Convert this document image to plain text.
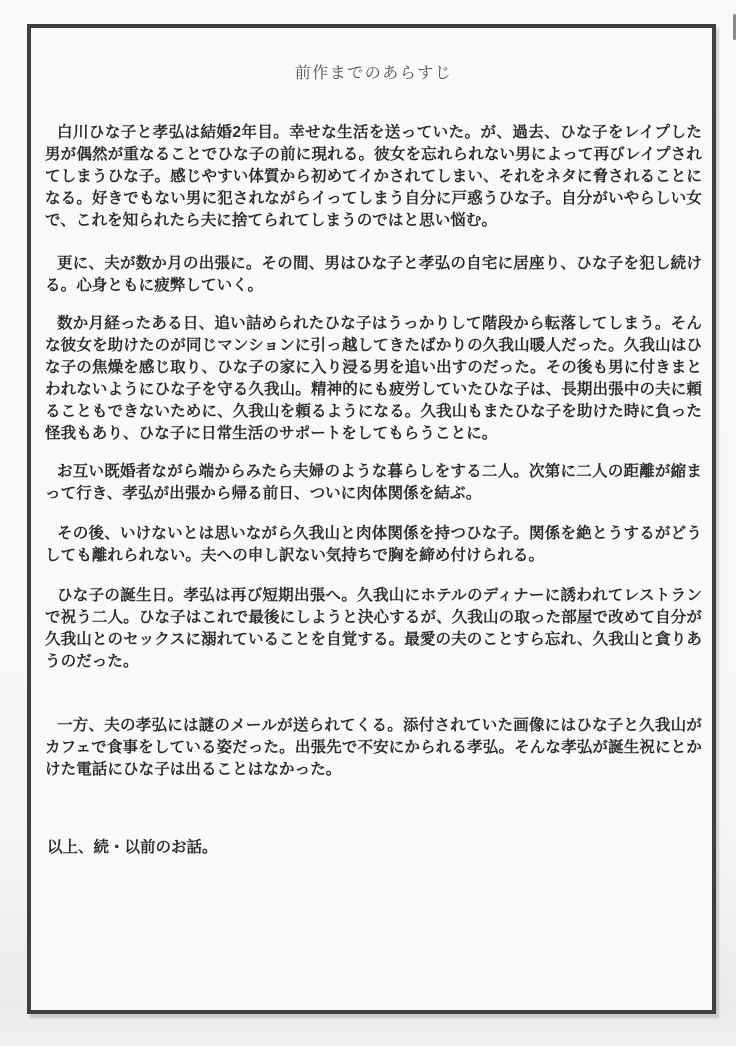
前作までのあらすじ

白川ひな子と孝弘は結婚2年目。幸せな生活を送っていた。が、過去、ひな子をレイプした男が偶然が重なることでひな子の前に現れる。彼女を忘れられない男によって再びレイプされてしまうひな子。感じやすい体質から初めてイかされてしまい、それをネタに脅されることになる。好きでもない男に犯されながらイってしまう自分に戸惑うひな子。自分がいやらしい女で、これを知られたら夫に捨てられてしまうのではと思い悩む。

更に、夫が数か月の出張に。その間、男はひな子と孝弘の自宅に居座り、ひな子を犯し続ける。心身ともに疲弊していく。

数か月経ったある日、追い詰められたひな子はうっかりして階段から転落してしまう。そんな彼女を助けたのが同じマンションに引っ越してきたばかりの久我山暖人だった。久我山はひな子の焦燥を感じ取り、ひな子の家に入り浸る男を追い出すのだった。その後も男に付きまとわれないようにひな子を守る久我山。精神的にも疲労していたひな子は、長期出張中の夫に頼ることもできないために、久我山を頼るようになる。久我山もまたひな子を助けた時に負った怪我もあり、ひな子に日常生活のサポートをしてもらうことに。

お互い既婚者ながら端からみたら夫婦のような暮らしをする二人。次第に二人の距離が縮まって行き、孝弘が出張から帰る前日、ついに肉体関係を結ぶ。

その後、いけないとは思いながら久我山と肉体関係を持つひな子。関係を絶とうするがどうしても離れられない。夫への申し訳ない気持ちで胸を締め付けられる。

ひな子の誕生日。孝弘は再び短期出張へ。久我山にホテルのディナーに誘われてレストランで祝う二人。ひな子はこれで最後にしようと決心するが、久我山の取った部屋で改めて自分が久我山とのセックスに溺れていることを自覚する。最愛の夫のことすら忘れ、久我山と貪りあうのだった。

一方、夫の孝弘には謎のメールが送られてくる。添付されていた画像にはひな子と久我山がカフェで食事をしている姿だった。出張先で不安にかられる孝弘。そんな孝弘が誕生祝にとかけた電話にひな子は出ることはなかった。

以上、続・以前のお話。
